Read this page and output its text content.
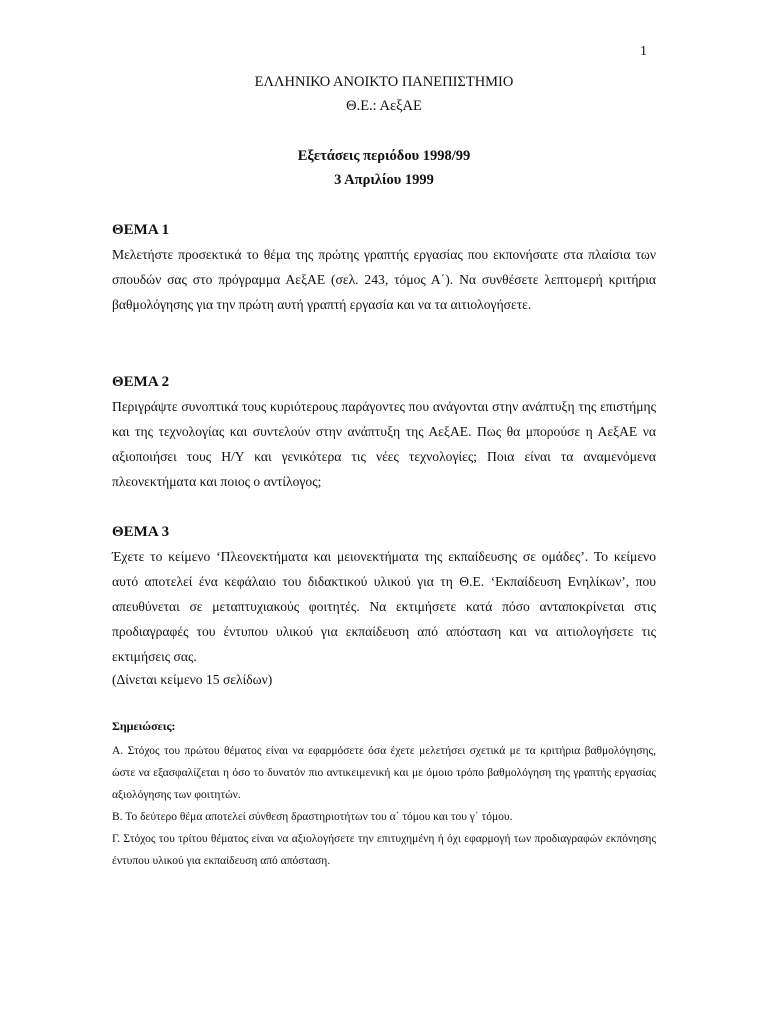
1
ΕΛΛΗΝΙΚΟ ΑΝΟΙΚΤΟ ΠΑΝΕΠΙΣΤΗΜΙΟ
Θ.Ε.: ΑεξΑΕ
Εξετάσεις περιόδου 1998/99
3 Απριλίου 1999

ΘΕΜΑ 1

Μελετήστε προσεκτικά το θέμα της πρώτης γραπτής εργασίας που εκπονήσατε στα πλαίσια των σπουδών σας στο πρόγραμμα ΑεξΑΕ (σελ. 243, τόμος Α΄). Να συνθέσετε λεπτομερή κριτήρια βαθμολόγησης για την πρώτη αυτή γραπτή εργασία και να τα αιτιολογήσετε.

ΘΕΜΑ 2

Περιγράψτε συνοπτικά τους κυριότερους παράγοντες που ανάγονται στην ανάπτυξη της επιστήμης και της τεχνολογίας και συντελούν στην ανάπτυξη της ΑεξΑΕ. Πως θα μπορούσε η ΑεξΑΕ να αξιοποιήσει τους Η/Υ και γενικότερα τις νέες τεχνολογίες; Ποια είναι τα αναμενόμενα πλεονεκτήματα και ποιος ο αντίλογος;

ΘΕΜΑ 3

Έχετε το κείμενο ‘Πλεονεκτήματα και μειονεκτήματα της εκπαίδευσης σε ομάδες’. Το κείμενο αυτό αποτελεί ένα κεφάλαιο του διδακτικού υλικού για τη Θ.Ε. ‘Εκπαίδευση Ενηλίκων’, που απευθύνεται σε μεταπτυχιακούς φοιτητές. Να εκτιμήσετε κατά πόσο ανταποκρίνεται στις προδιαγραφές του έντυπου υλικού για εκπαίδευση από απόσταση και να αιτιολογήσετε τις εκτιμήσεις σας.

(Δίνεται κείμενο 15 σελίδων)

Σημειώσεις:

Α. Στόχος του πρώτου θέματος είναι να εφαρμόσετε όσα έχετε μελετήσει σχετικά με τα κριτήρια βαθμολόγησης, ώστε να εξασφαλίζεται η όσο το δυνατόν πιο αντικειμενική και με όμοιο τρόπο βαθμολόγηση της γραπτής εργασίας αξιολόγησης των φοιτητών.

Β. Το δεύτερο θέμα αποτελεί σύνθεση δραστηριοτήτων του α΄ τόμου και του γ΄ τόμου.

Γ. Στόχος του τρίτου θέματος είναι να αξιολογήσετε την επιτυχημένη ή όχι εφαρμογή των προδιαγραφών εκπόνησης έντυπου υλικού για εκπαίδευση από απόσταση.
